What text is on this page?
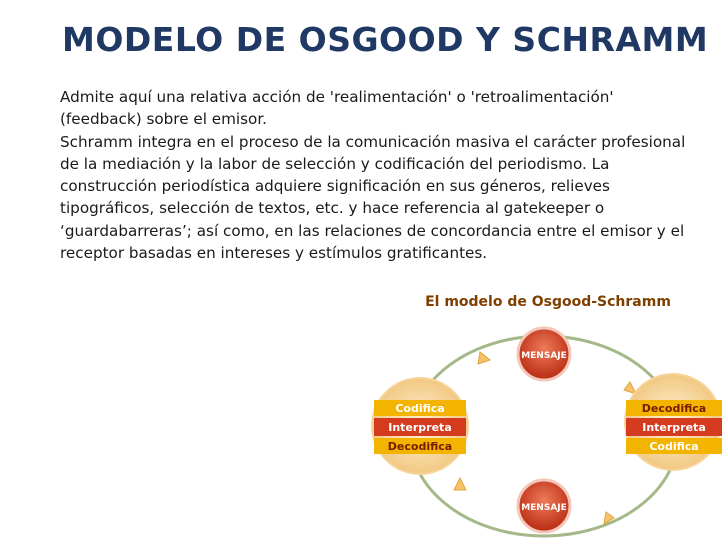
MODELO DE OSGOOD Y SCHRAMM

Admite aquí una relativa acción de 'realimentación' o 'retroalimentación' (feedback) sobre el emisor.

Schramm integra en el proceso de la comunicación masiva el carácter profesional de la mediación y la labor de selección y codificación del periodismo. La construcción periodística adquiere significación en sus géneros, relieves tipográficos, selección de textos, etc. y hace referencia al gatekeeper o ‘guardabarreras’; así como, en las relaciones de concordancia entre el emisor y el receptor basadas en intereses y estímulos gratificantes.

El modelo de Osgood-Schramm
MENSAJE
MENSAJE
Codifica
Interpreta
Decodifica
Decodifica
Interpreta
Codifica
